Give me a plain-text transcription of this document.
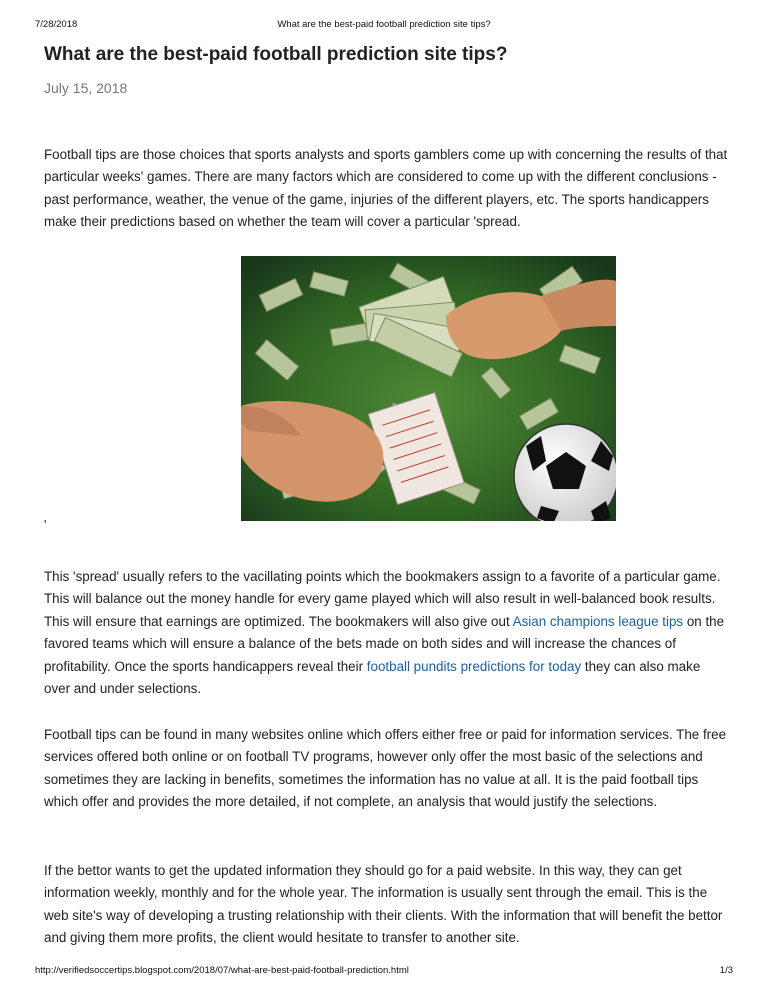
7/28/2018	What are the best-paid football prediction site tips?
What are the best-paid football prediction site tips?
July 15, 2018

Football tips are those choices that sports analysts and sports gamblers come up with concerning the results of that particular weeks' games. There are many factors which are considered to come up with the different conclusions - past performance, weather, the venue of the game, injuries of the different players, etc. The sports handicappers make their predictions based on whether the team will cover a particular 'spread.

'

This 'spread' usually refers to the vacillating points which the bookmakers assign to a favorite of a particular game. This will balance out the money handle for every game played which will also result in well-balanced book results. This will ensure that earnings are optimized. The bookmakers will also give out Asian champions league tips on the favored teams which will ensure a balance of the bets made on both sides and will increase the chances of profitability. Once the sports handicappers reveal their football pundits predictions for today they can also make over and under selections.

Football tips can be found in many websites online which offers either free or paid for information services. The free services offered both online or on football TV programs, however only offer the most basic of the selections and sometimes they are lacking in benefits, sometimes the information has no value at all. It is the paid football tips which offer and provides the more detailed, if not complete, an analysis that would justify the selections.

If the bettor wants to get the updated information they should go for a paid website. In this way, they can get information weekly, monthly and for the whole year. The information is usually sent through the email. This is the web site's way of developing a trusting relationship with their clients. With the information that will benefit the bettor and giving them more profits, the client would hesitate to transfer to another site.

http://verifiedsoccertips.blogspot.com/2018/07/what-are-best-paid-football-prediction.html	1/3
